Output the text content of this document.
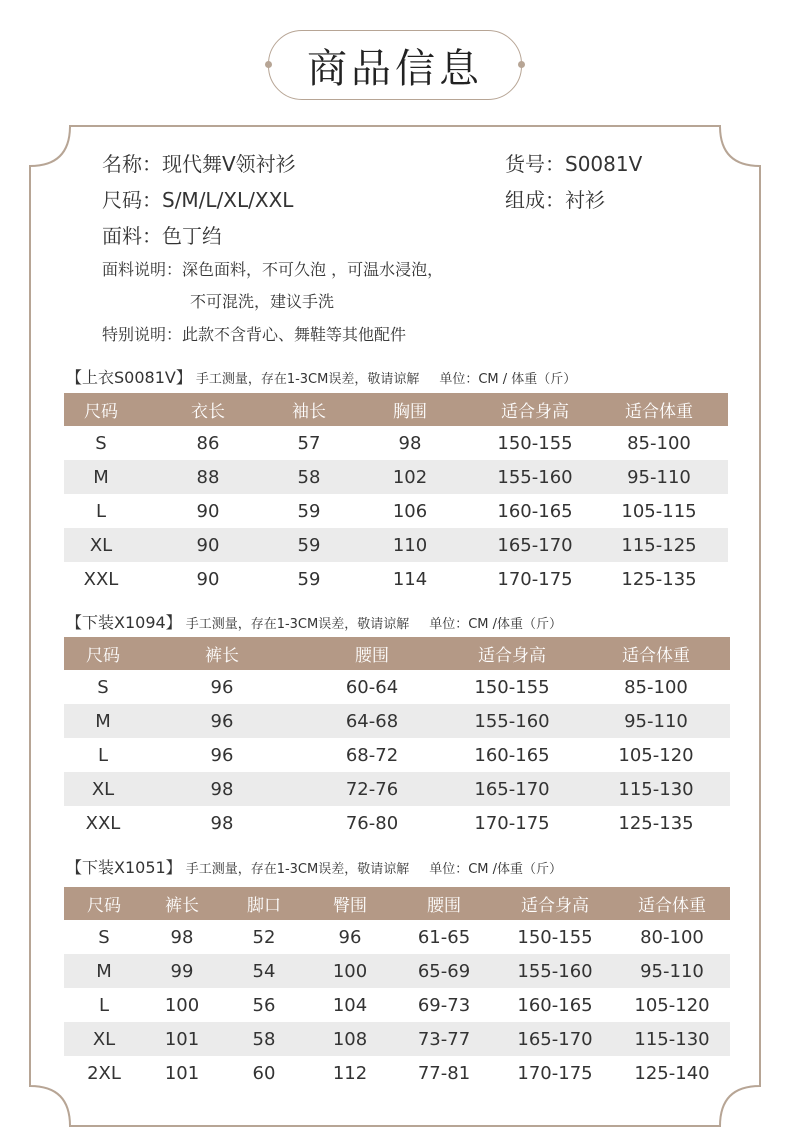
商品信息
名称：现代舞V领衬衫	货号：S0081V
尺码：S/M/L/XL/XXL	组成：衬衫
面料：色丁绉
面料说明：深色面料，不可久泡 ，可温水浸泡，
不可混洗，建议手洗
特别说明：此款不含背心、舞鞋等其他配件
【上衣S0081V】 手工测量，存在1-3CM误差，敬请谅解 单位：CM / 体重（斤）
尺码	衣长	袖长	胸围	适合身高	适合体重
S	86	57	98	150-155	85-100
M	88	58	102	155-160	95-110
L	90	59	106	160-165	105-115
XL	90	59	110	165-170	115-125
XXL	90	59	114	170-175	125-135
【下装X1094】 手工测量，存在1-3CM误差，敬请谅解 单位：CM /体重（斤）
尺码	裤长	腰围	适合身高	适合体重
S	96	60-64	150-155	85-100
M	96	64-68	155-160	95-110
L	96	68-72	160-165	105-120
XL	98	72-76	165-170	115-130
XXL	98	76-80	170-175	125-135
【下装X1051】 手工测量，存在1-3CM误差，敬请谅解 单位：CM /体重（斤）
尺码	裤长	脚口	臀围	腰围	适合身高	适合体重
S	98	52	96	61-65	150-155	80-100
M	99	54	100	65-69	155-160	95-110
L	100	56	104	69-73	160-165	105-120
XL	101	58	108	73-77	165-170	115-130
2XL	101	60	112	77-81	170-175	125-140
